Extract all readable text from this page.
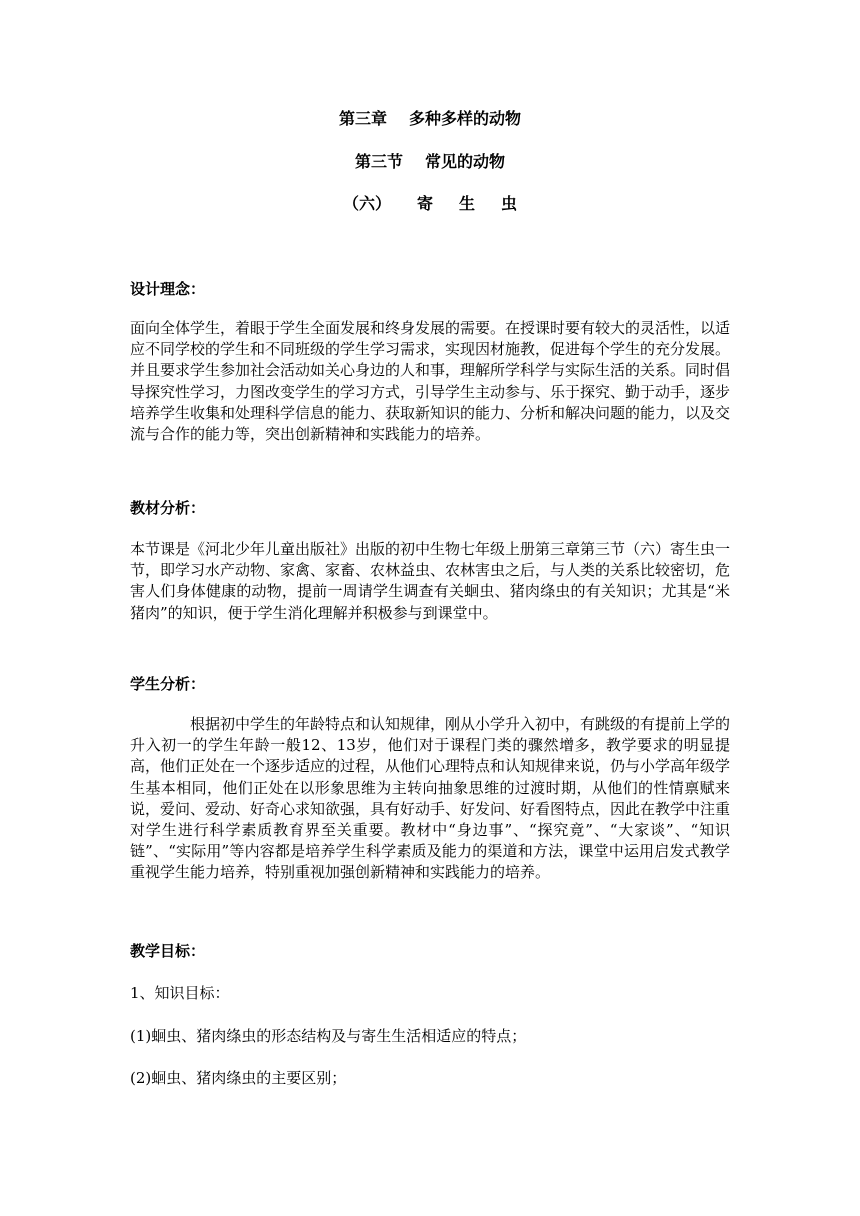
第三章 多种多样的动物
第三节 常见的动物
（六） 寄 生 虫
设计理念：
面向全体学生，着眼于学生全面发展和终身发展的需要。在授课时要有较大的灵活性，以适应不同学校的学生和不同班级的学生学习需求，实现因材施教，促进每个学生的充分发展。并且要求学生参加社会活动如关心身边的人和事，理解所学科学与实际生活的关系。同时倡导探究性学习，力图改变学生的学习方式，引导学生主动参与、乐于探究、勤于动手，逐步培养学生收集和处理科学信息的能力、获取新知识的能力、分析和解决问题的能力，以及交流与合作的能力等，突出创新精神和实践能力的培养。
教材分析：
本节课是《河北少年儿童出版社》出版的初中生物七年级上册第三章第三节（六）寄生虫一节，即学习水产动物、家禽、家畜、农林益虫、农林害虫之后，与人类的关系比较密切，危害人们身体健康的动物，提前一周请学生调查有关蛔虫、猪肉绦虫的有关知识；尤其是“米猪肉”的知识，便于学生消化理解并积极参与到课堂中。
学生分析：
根据初中学生的年龄特点和认知规律，刚从小学升入初中，有跳级的有提前上学的升入初一的学生年龄一般12、13岁，他们对于课程门类的骤然增多，教学要求的明显提高，他们正处在一个逐步适应的过程，从他们心理特点和认知规律来说，仍与小学高年级学生基本相同，他们正处在以形象思维为主转向抽象思维的过渡时期，从他们的性情禀赋来说，爱问、爱动、好奇心求知欲强，具有好动手、好发问、好看图特点，因此在教学中注重对学生进行科学素质教育界至关重要。教材中“身边事”、“探究竟”、“大家谈”、“知识链”、“实际用”等内容都是培养学生科学素质及能力的渠道和方法，课堂中运用启发式教学重视学生能力培养，特别重视加强创新精神和实践能力的培养。
教学目标：
1、知识目标：
(1)蛔虫、猪肉绦虫的形态结构及与寄生生活相适应的特点；
(2)蛔虫、猪肉绦虫的主要区别；
